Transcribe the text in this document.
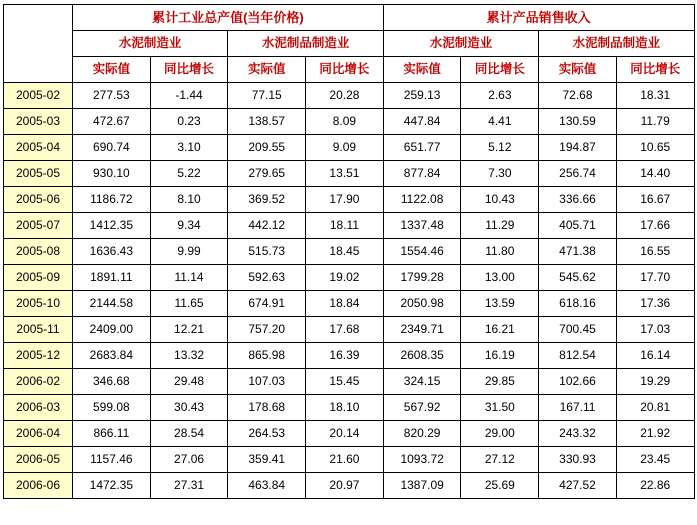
	累计工业总产值(当年价格)				累计产品销售收入			
	水泥制造业		水泥制品制造业		水泥制造业		水泥制品制造业	
	实际值	同比增长	实际值	同比增长	实际值	同比增长	实际值	同比增长
2005-02	277.53	-1.44	77.15	20.28	259.13	2.63	72.68	18.31
2005-03	472.67	0.23	138.57	8.09	447.84	4.41	130.59	11.79
2005-04	690.74	3.10	209.55	9.09	651.77	5.12	194.87	10.65
2005-05	930.10	5.22	279.65	13.51	877.84	7.30	256.74	14.40
2005-06	1186.72	8.10	369.52	17.90	1122.08	10.43	336.66	16.67
2005-07	1412.35	9.34	442.12	18.11	1337.48	11.29	405.71	17.66
2005-08	1636.43	9.99	515.73	18.45	1554.46	11.80	471.38	16.55
2005-09	1891.11	11.14	592.63	19.02	1799.28	13.00	545.62	17.70
2005-10	2144.58	11.65	674.91	18.84	2050.98	13.59	618.16	17.36
2005-11	2409.00	12.21	757.20	17.68	2349.71	16.21	700.45	17.03
2005-12	2683.84	13.32	865.98	16.39	2608.35	16.19	812.54	16.14
2006-02	346.68	29.48	107.03	15.45	324.15	29.85	102.66	19.29
2006-03	599.08	30.43	178.68	18.10	567.92	31.50	167.11	20.81
2006-04	866.11	28.54	264.53	20.14	820.29	29.00	243.32	21.92
2006-05	1157.46	27.06	359.41	21.60	1093.72	27.12	330.93	23.45
2006-06	1472.35	27.31	463.84	20.97	1387.09	25.69	427.52	22.86
